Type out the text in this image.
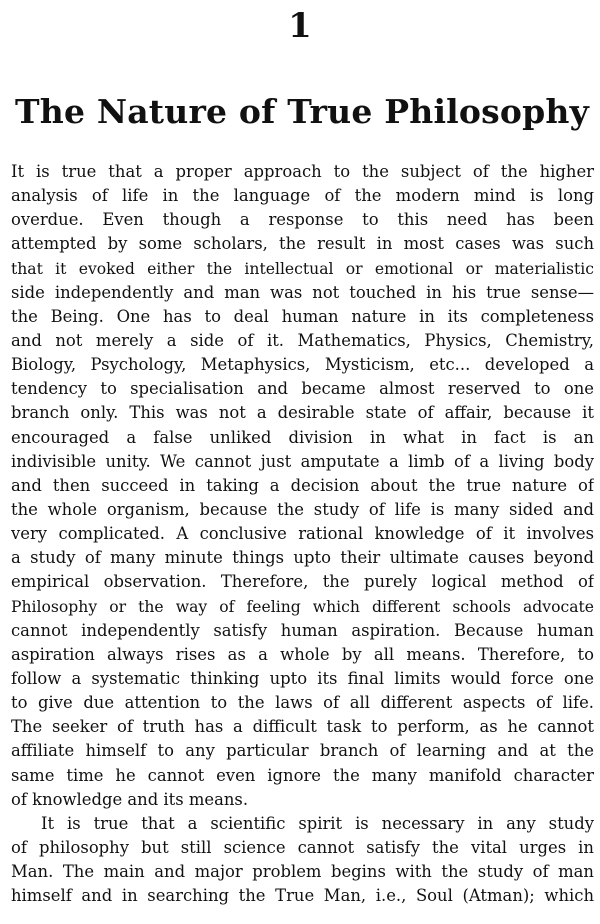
1
The Nature of True Philosophy
It is true that a proper approach to the subject of the higher
analysis of life in the language of the modern mind is long
overdue. Even though a response to this need has been
attempted by some scholars, the result in most cases was such
that it evoked either the intellectual or emotional or materialistic
side independently and man was not touched in his true sense—
the Being. One has to deal human nature in its completeness
and not merely a side of it. Mathematics, Physics, Chemistry,
Biology, Psychology, Metaphysics, Mysticism, etc... developed a
tendency to specialisation and became almost reserved to one
branch only. This was not a desirable state of affair, because it
encouraged a false unliked division in what in fact is an
indivisible unity. We cannot just amputate a limb of a living body
and then succeed in taking a decision about the true nature of
the whole organism, because the study of life is many sided and
very complicated. A conclusive rational knowledge of it involves
a study of many minute things upto their ultimate causes beyond
empirical observation. Therefore, the purely logical method of
Philosophy or the way of feeling which different schools advocate
cannot independently satisfy human aspiration. Because human
aspiration always rises as a whole by all means. Therefore, to
follow a systematic thinking upto its final limits would force one
to give due attention to the laws of all different aspects of life.
The seeker of truth has a difficult task to perform, as he cannot
affiliate himself to any particular branch of learning and at the
same time he cannot even ignore the many manifold character
of knowledge and its means.
It is true that a scientific spirit is necessary in any study
of philosophy but still science cannot satisfy the vital urges in
Man. The main and major problem begins with the study of man
himself and in searching the True Man, i.e., Soul (Atman); which
